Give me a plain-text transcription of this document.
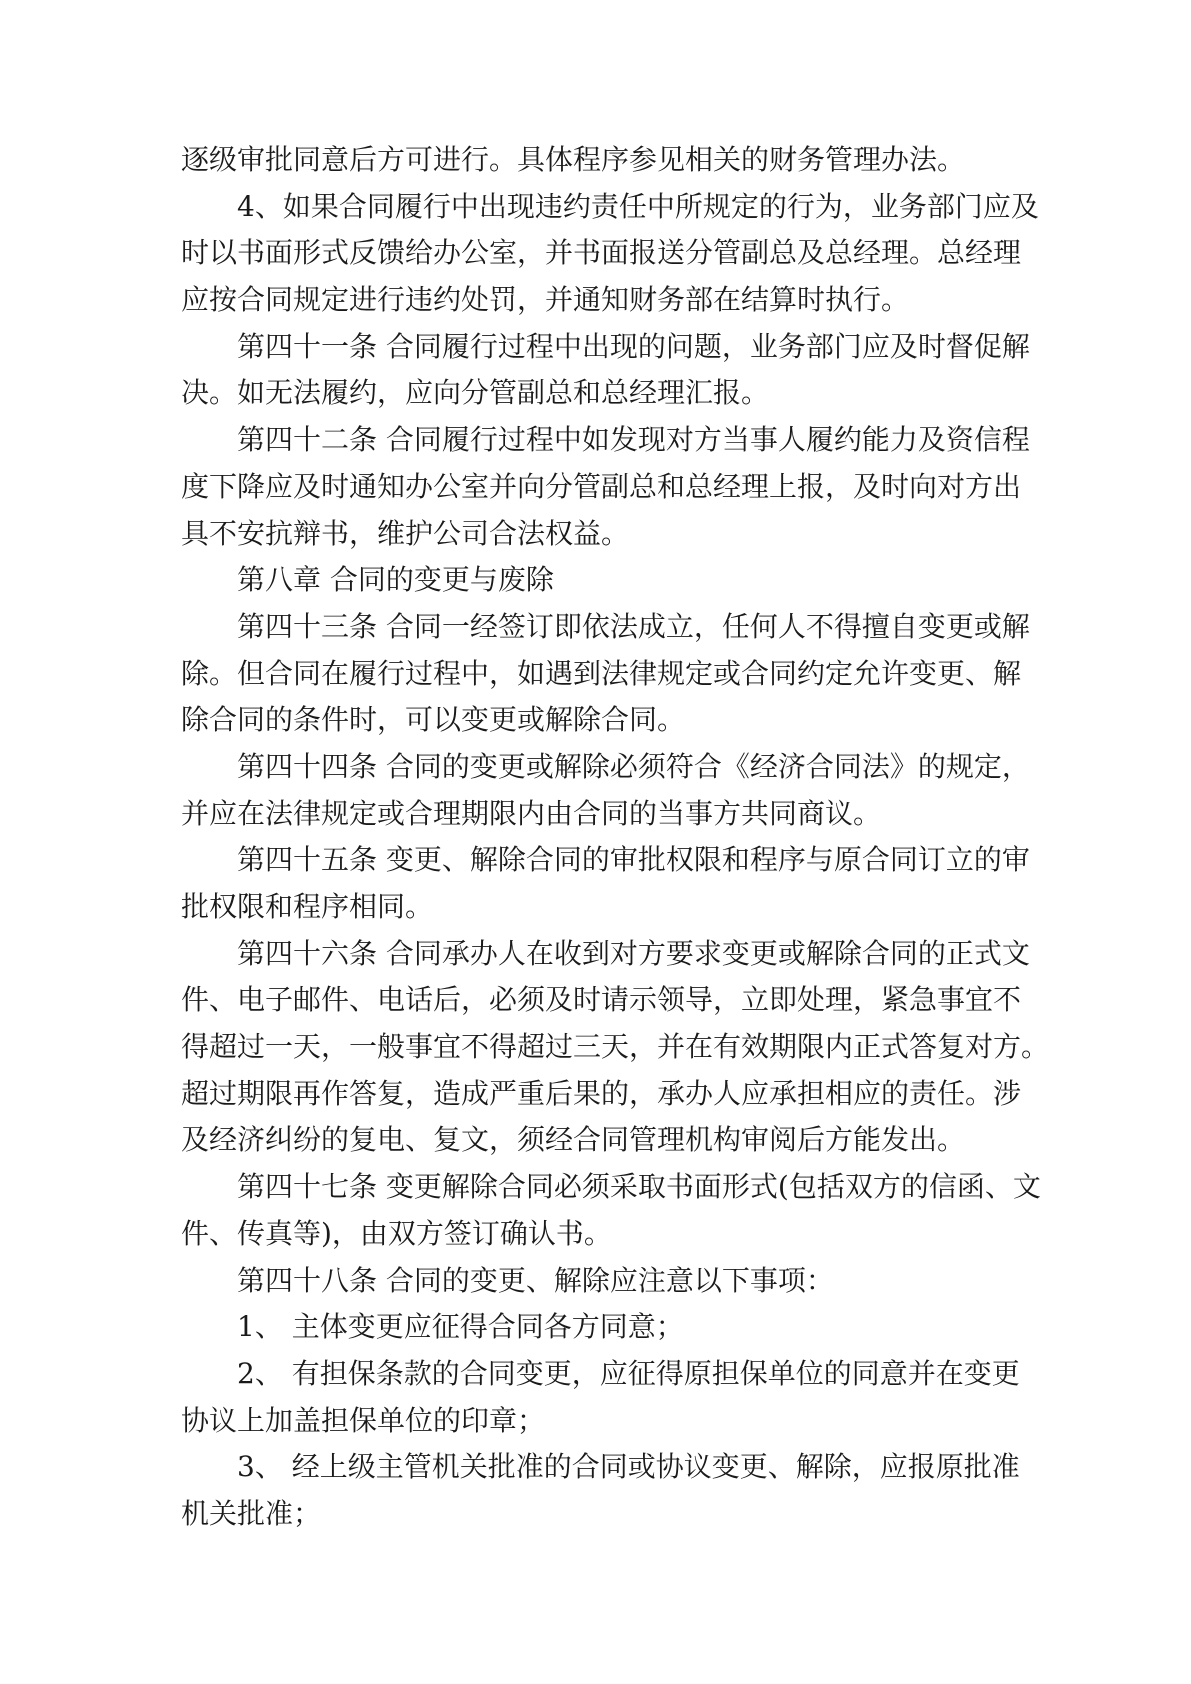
逐级审批同意后方可进行。具体程序参见相关的财务管理办法。
4、如果合同履行中出现违约责任中所规定的行为，业务部门应及
时以书面形式反馈给办公室，并书面报送分管副总及总经理。总经理
应按合同规定进行违约处罚，并通知财务部在结算时执行。
第四十一条 合同履行过程中出现的问题，业务部门应及时督促解
决。如无法履约，应向分管副总和总经理汇报。
第四十二条 合同履行过程中如发现对方当事人履约能力及资信程
度下降应及时通知办公室并向分管副总和总经理上报，及时向对方出
具不安抗辩书，维护公司合法权益。
第八章 合同的变更与废除
第四十三条 合同一经签订即依法成立，任何人不得擅自变更或解
除。但合同在履行过程中，如遇到法律规定或合同约定允许变更、解
除合同的条件时，可以变更或解除合同。
第四十四条 合同的变更或解除必须符合《经济合同法》的规定，
并应在法律规定或合理期限内由合同的当事方共同商议。
第四十五条 变更、解除合同的审批权限和程序与原合同订立的审
批权限和程序相同。
第四十六条 合同承办人在收到对方要求变更或解除合同的正式文
件、电子邮件、电话后，必须及时请示领导，立即处理，紧急事宜不
得超过一天，一般事宜不得超过三天，并在有效期限内正式答复对方。
超过期限再作答复，造成严重后果的，承办人应承担相应的责任。涉
及经济纠纷的复电、复文，须经合同管理机构审阅后方能发出。
第四十七条 变更解除合同必须采取书面形式(包括双方的信函、文
件、传真等)，由双方签订确认书。
第四十八条 合同的变更、解除应注意以下事项：
1、 主体变更应征得合同各方同意；
2、 有担保条款的合同变更，应征得原担保单位的同意并在变更
协议上加盖担保单位的印章；
3、 经上级主管机关批准的合同或协议变更、解除，应报原批准
机关批准；
